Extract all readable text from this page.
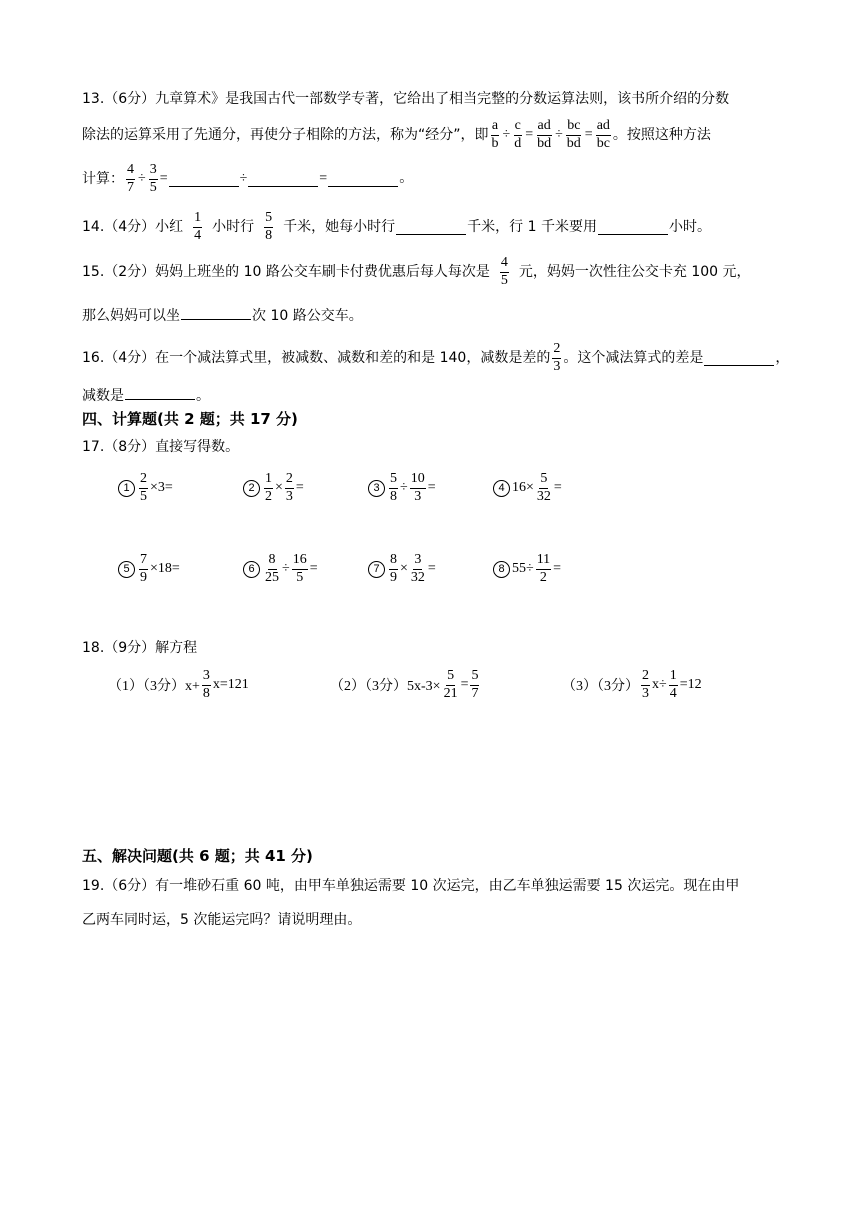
13.（6分）九章算术》是我国古代一部数学专著，它给出了相当完整的分数运算法则，该书所介绍的分数
除法的运算采用了先通分，再使分子相除的方法，称为“经分”，即 $\frac{a}{b} \div \frac{c}{d} = \frac{ad}{bd} \div \frac{bc}{bd} = \frac{ad}{bc}$ 。按照这种方法
计算： $\frac{4}{7} \div \frac{3}{5}$ =	÷	=	。
14.（4分）小红 $\frac{1}{4}$ 小时行 $\frac{5}{8}$ 千米，她每小时行	千米，行 1 千米要用	小时。
15.（2分）妈妈上班坐的 10 路公交车刷卡付费优惠后每人每次是 $\frac{4}{5}$ 元，妈妈一次性往公交卡充 100 元，
那么妈妈可以坐	次 10 路公交车。
16.（4分）在一个减法算式里，被减数、减数和差的和是 140，减数是差的 $\frac{2}{3}$ 。这个减法算式的差是	，
减数是	。
四、计算题(共 2 题；共 17 分)
17.（8分）直接写得数。
$1 \frac{2}{5} \times 3$ =	$2 \frac{1}{2} \times \frac{2}{3}$ =	$3 \frac{5}{8} \div \frac{10}{3}$ =	4 $16 \times \frac{5}{32}$ =
$5 \frac{7}{9} \times 18$ =	$6 \frac{8}{25} \div \frac{16}{5}$ =	$7 \frac{8}{9} \times \frac{3}{32}$ =	8 $55 \div \frac{11}{2}$ =
18.（9分）解方程
（1）（3分）$x+ \frac{3}{8} x=121$	（2）（3分）$5x-3\times \frac{5}{21} = \frac{5}{7}$	（3）（3分） $\frac{2}{3} x\div \frac{1}{4} =12$
五、解决问题(共 6 题；共 41 分)
19.（6分）有一堆砂石重 60 吨，由甲车单独运需要 10 次运完，由乙车单独运需要 15 次运完。现在由甲
乙两车同时运，5 次能运完吗？请说明理由。
